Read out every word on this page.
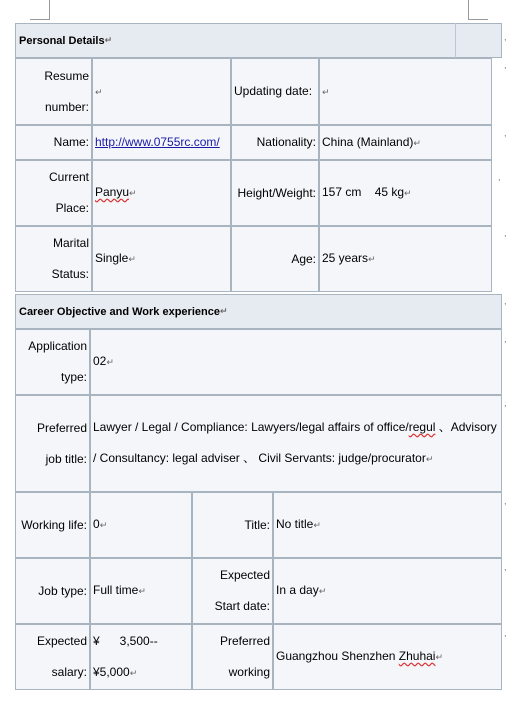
Personal Details ↵
Resume number:	↵	Updating date:	↵
Name:	http://www.0755rc.com/	Nationality:	China (Mainland)↵
Current Place:	Panyu↵	Height/Weight:	157 cm    45 kg↵
Marital Status:	Single↵	Age:	25 years↵
Career Objective and Work experience ↵
Application type:	02↵		
Preferred job title:	Lawyer / Legal / Compliance: Lawyers/legal affairs of office/regul 、Advisory / Consultancy: legal adviser 、 Civil Servants: judge/procurator↵		
Working life:	0↵	Title:	No title↵
Job type:	Full time↵	Expected Start date:	In a day↵
Expected salary:	¥      3,500--¥5,000↵	Preferred working	Guangzhou Shenzhen Zhuhai↵
,
,
,
,
,
,
,
,
,
,
,
